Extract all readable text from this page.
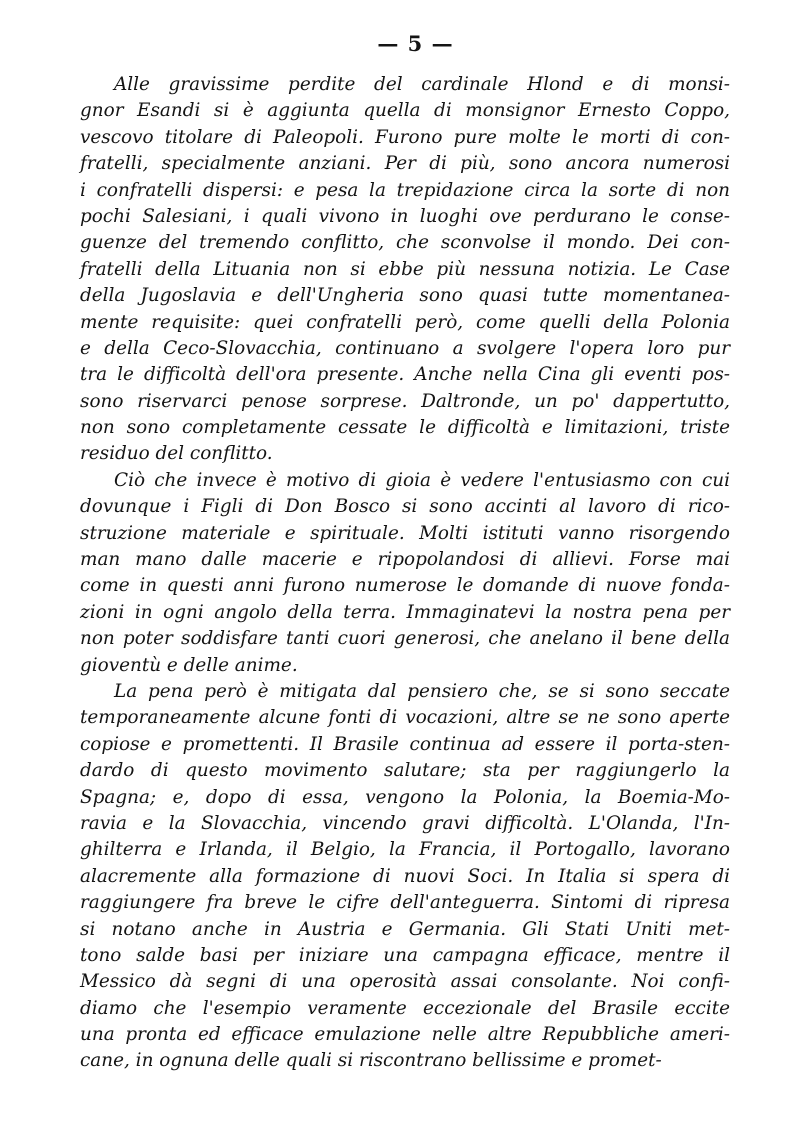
— 5 —
Alle gravissime perdite del cardinale Hlond e di monsi-
gnor Esandi si è aggiunta quella di monsignor Ernesto Coppo,
vescovo titolare di Paleopoli. Furono pure molte le morti di con-
fratelli, specialmente anziani. Per di più, sono ancora numerosi
i confratelli dispersi: e pesa la trepidazione circa la sorte di non
pochi Salesiani, i quali vivono in luoghi ove perdurano le conse-
guenze del tremendo conflitto, che sconvolse il mondo. Dei con-
fratelli della Lituania non si ebbe più nessuna notizia. Le Case
della Jugoslavia e dell'Ungheria sono quasi tutte momentanea-
mente requisite: quei confratelli però, come quelli della Polonia
e della Ceco-Slovacchia, continuano a svolgere l'opera loro pur
tra le difficoltà dell'ora presente. Anche nella Cina gli eventi pos-
sono riservarci penose sorprese. Daltronde, un po' dappertutto,
non sono completamente cessate le difficoltà e limitazioni, triste
residuo del conflitto.
Ciò che invece è motivo di gioia è vedere l'entusiasmo con cui
dovunque i Figli di Don Bosco si sono accinti al lavoro di rico-
struzione materiale e spirituale. Molti istituti vanno risorgendo
man mano dalle macerie e ripopolandosi di allievi. Forse mai
come in questi anni furono numerose le domande di nuove fonda-
zioni in ogni angolo della terra. Immaginatevi la nostra pena per
non poter soddisfare tanti cuori generosi, che anelano il bene della
gioventù e delle anime.
La pena però è mitigata dal pensiero che, se si sono seccate
temporaneamente alcune fonti di vocazioni, altre se ne sono aperte
copiose e promettenti. Il Brasile continua ad essere il porta-sten-
dardo di questo movimento salutare; sta per raggiungerlo la
Spagna; e, dopo di essa, vengono la Polonia, la Boemia-Mo-
ravia e la Slovacchia, vincendo gravi difficoltà. L'Olanda, l'In-
ghilterra e Irlanda, il Belgio, la Francia, il Portogallo, lavorano
alacremente alla formazione di nuovi Soci. In Italia si spera di
raggiungere fra breve le cifre dell'anteguerra. Sintomi di ripresa
si notano anche in Austria e Germania. Gli Stati Uniti met-
tono salde basi per iniziare una campagna efficace, mentre il
Messico dà segni di una operosità assai consolante. Noi confi-
diamo che l'esempio veramente eccezionale del Brasile eccite
una pronta ed efficace emulazione nelle altre Repubbliche ameri-
cane, in ognuna delle quali si riscontrano bellissime e promet-
